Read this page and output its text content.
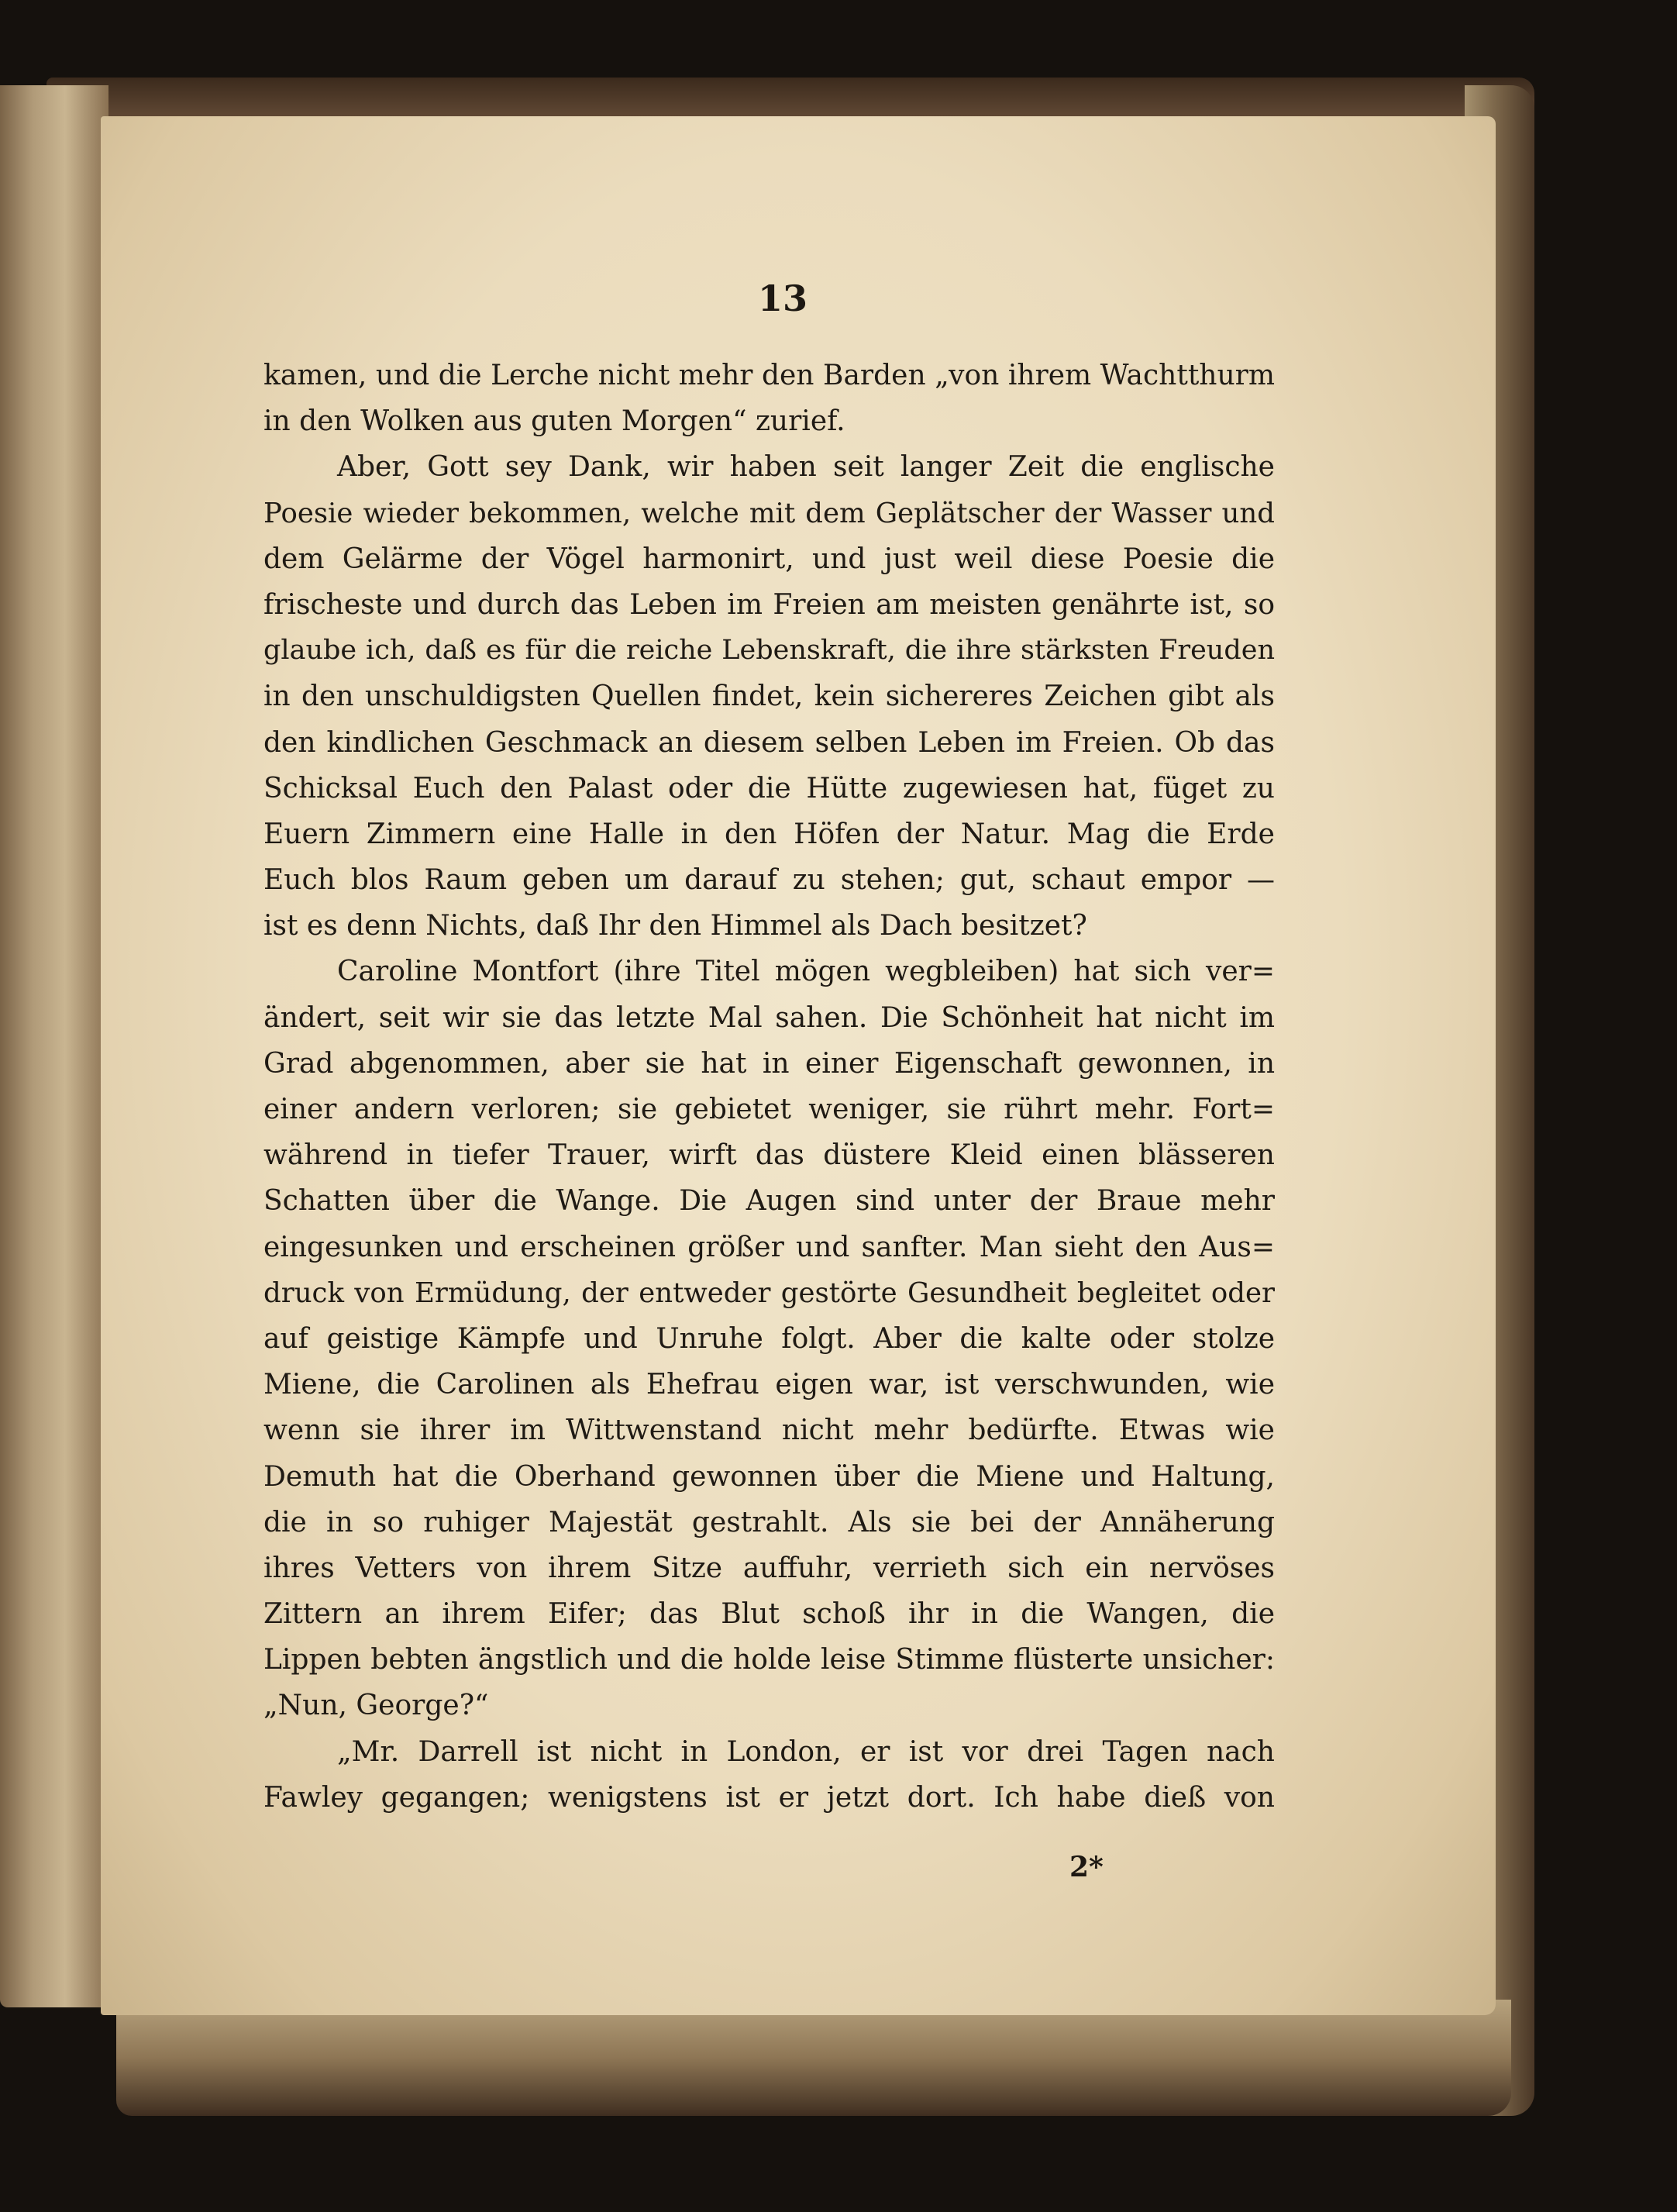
13
kamen, und die Lerche nicht mehr den Barden „von ihrem Wachtthurm
in den Wolken aus guten Morgen“ zurief.
Aber, Gott sey Dank, wir haben seit langer Zeit die englische
Poesie wieder bekommen, welche mit dem Geplätscher der Wasser und
dem Gelärme der Vögel harmonirt, und just weil diese Poesie die
frischeste und durch das Leben im Freien am meisten genährte ist, so
glaube ich, daß es für die reiche Lebenskraft, die ihre stärksten Freuden
in den unschuldigsten Quellen findet, kein sichereres Zeichen gibt als
den kindlichen Geschmack an diesem selben Leben im Freien. Ob das
Schicksal Euch den Palast oder die Hütte zugewiesen hat, füget zu
Euern Zimmern eine Halle in den Höfen der Natur. Mag die Erde
Euch blos Raum geben um darauf zu stehen; gut, schaut empor —
ist es denn Nichts, daß Ihr den Himmel als Dach besitzet?
Caroline Montfort (ihre Titel mögen wegbleiben) hat sich ver=
ändert, seit wir sie das letzte Mal sahen. Die Schönheit hat nicht im
Grad abgenommen, aber sie hat in einer Eigenschaft gewonnen, in
einer andern verloren; sie gebietet weniger, sie rührt mehr. Fort=
während in tiefer Trauer, wirft das düstere Kleid einen blässeren
Schatten über die Wange. Die Augen sind unter der Braue mehr
eingesunken und erscheinen größer und sanfter. Man sieht den Aus=
druck von Ermüdung, der entweder gestörte Gesundheit begleitet oder
auf geistige Kämpfe und Unruhe folgt. Aber die kalte oder stolze
Miene, die Carolinen als Ehefrau eigen war, ist verschwunden, wie
wenn sie ihrer im Wittwenstand nicht mehr bedürfte. Etwas wie
Demuth hat die Oberhand gewonnen über die Miene und Haltung,
die in so ruhiger Majestät gestrahlt. Als sie bei der Annäherung
ihres Vetters von ihrem Sitze auffuhr, verrieth sich ein nervöses
Zittern an ihrem Eifer; das Blut schoß ihr in die Wangen, die
Lippen bebten ängstlich und die holde leise Stimme flüsterte unsicher:
„Nun, George?“
„Mr. Darrell ist nicht in London, er ist vor drei Tagen nach
Fawley gegangen; wenigstens ist er jetzt dort. Ich habe dieß von
2*
